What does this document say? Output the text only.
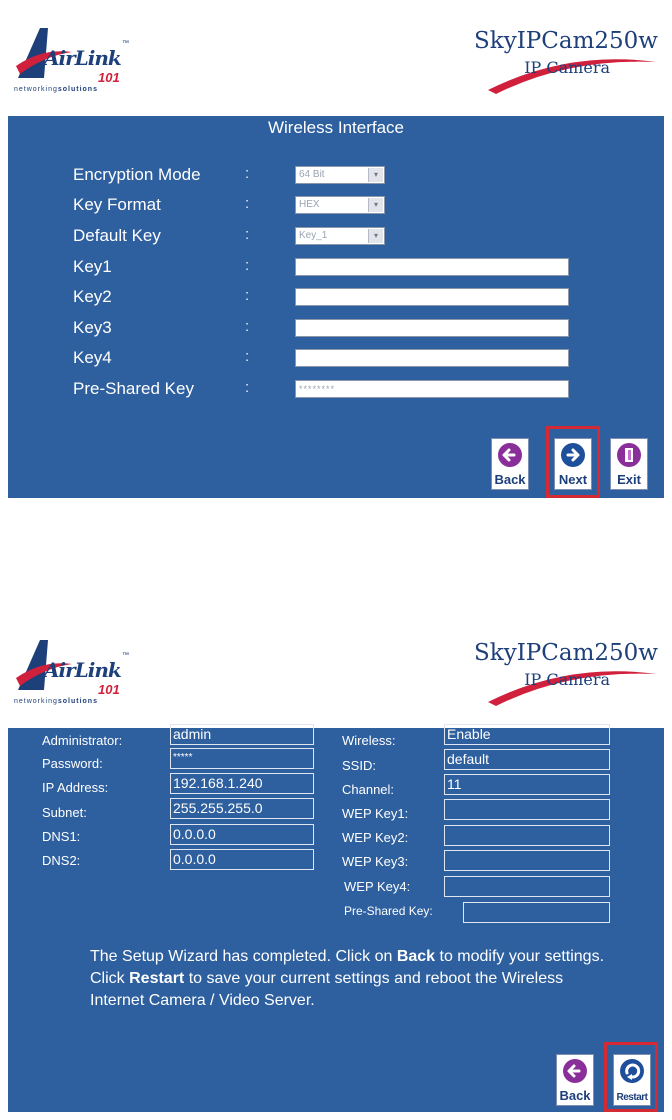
AirLink
™
101
networkingsolutions
SkyIPCam250w
IP Camera
Wireless Interface
Encryption Mode	:	64 Bit	▾
Key Format	:	HEX	▾
Default Key	:	Key_1	▾
Key1	:
Key2	:
Key3	:
Key4	:
Pre-Shared Key	:	********
Back	Next	Exit
AirLink
™
101
networkingsolutions
SkyIPCam250w
IP Camera
Administrator:	admin
Password:	*****
IP Address:	192.168.1.240
Subnet:	255.255.255.0
DNS1:	0.0.0.0
DNS2:	0.0.0.0
Wireless:	Enable
SSID:	default
Channel:	11
WEP Key1:
WEP Key2:
WEP Key3:
WEP Key4:
Pre-Shared Key:
The Setup Wizard has completed. Click on Back to modify your settings. Click Restart to save your current settings and reboot the Wireless Internet Camera / Video Server.
Back	Restart
